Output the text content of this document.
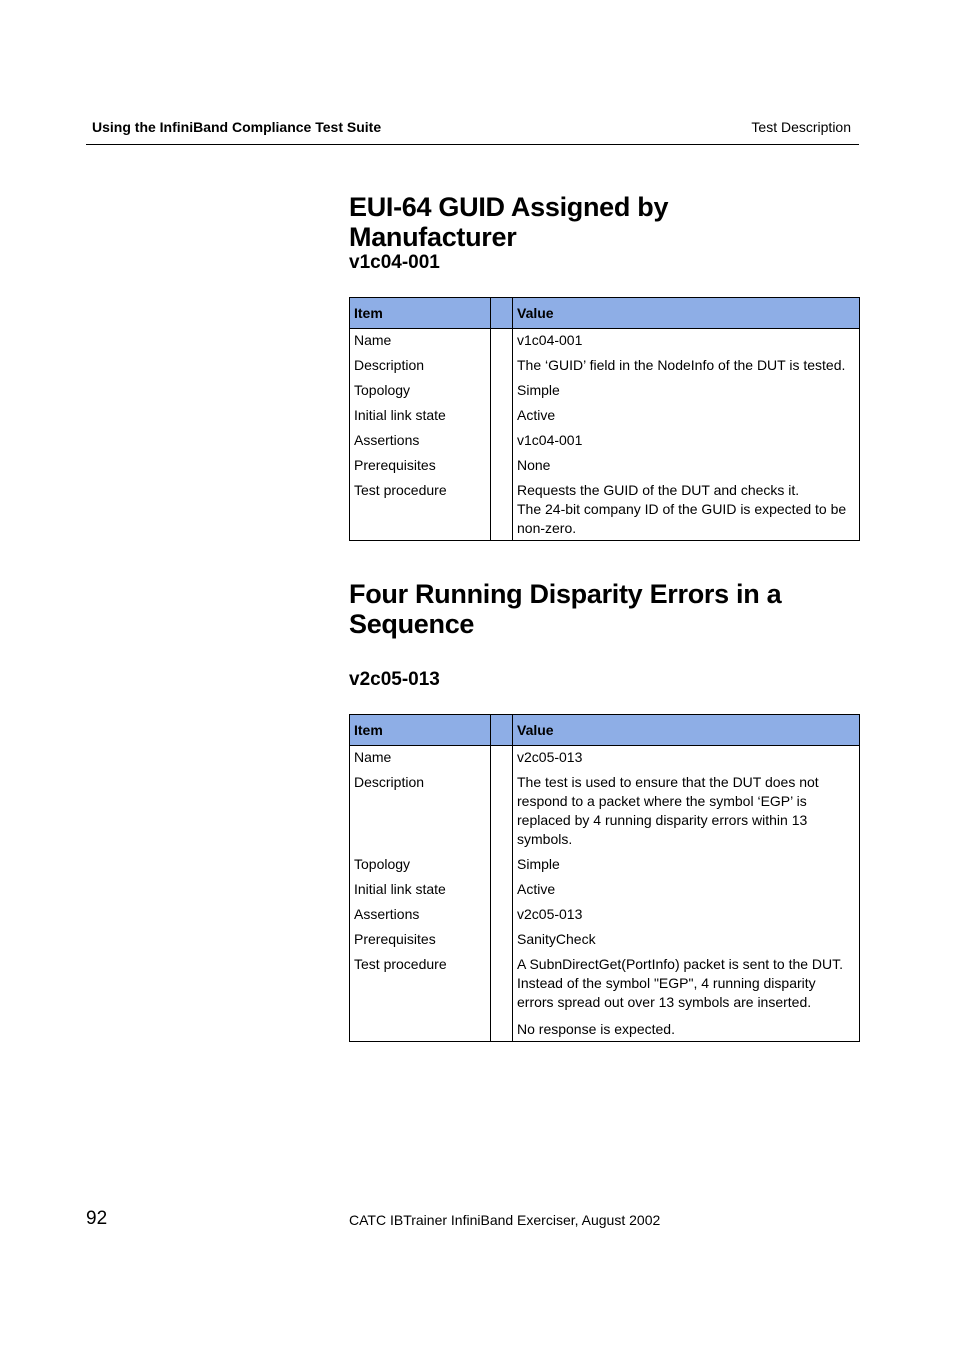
Using the InfiniBand Compliance Test Suite	Test Description
EUI-64 GUID Assigned by Manufacturer
v1c04-001
Item		Value
Name		v1c04-001
Description		The ‘GUID’ field in the NodeInfo of the DUT is tested.
Topology		Simple
Initial link state		Active
Assertions		v1c04-001
Prerequisites		None
Test procedure		Requests the GUID of the DUT and checks it.
The 24-bit company ID of the GUID is expected to be non-zero.
Four Running Disparity Errors in a Sequence
v2c05-013
Item		Value
Name		v2c05-013
Description		The test is used to ensure that the DUT does not respond to a packet where the symbol ‘EGP’ is replaced by 4 running disparity errors within 13 symbols.
Topology		Simple
Initial link state		Active
Assertions		v2c05-013
Prerequisites		SanityCheck
Test procedure		A SubnDirectGet(PortInfo) packet is sent to the DUT. Instead of the symbol "EGP", 4 running disparity errors spread out over 13 symbols are inserted.
No response is expected.
92	CATC IBTrainer InfiniBand Exerciser, August 2002
